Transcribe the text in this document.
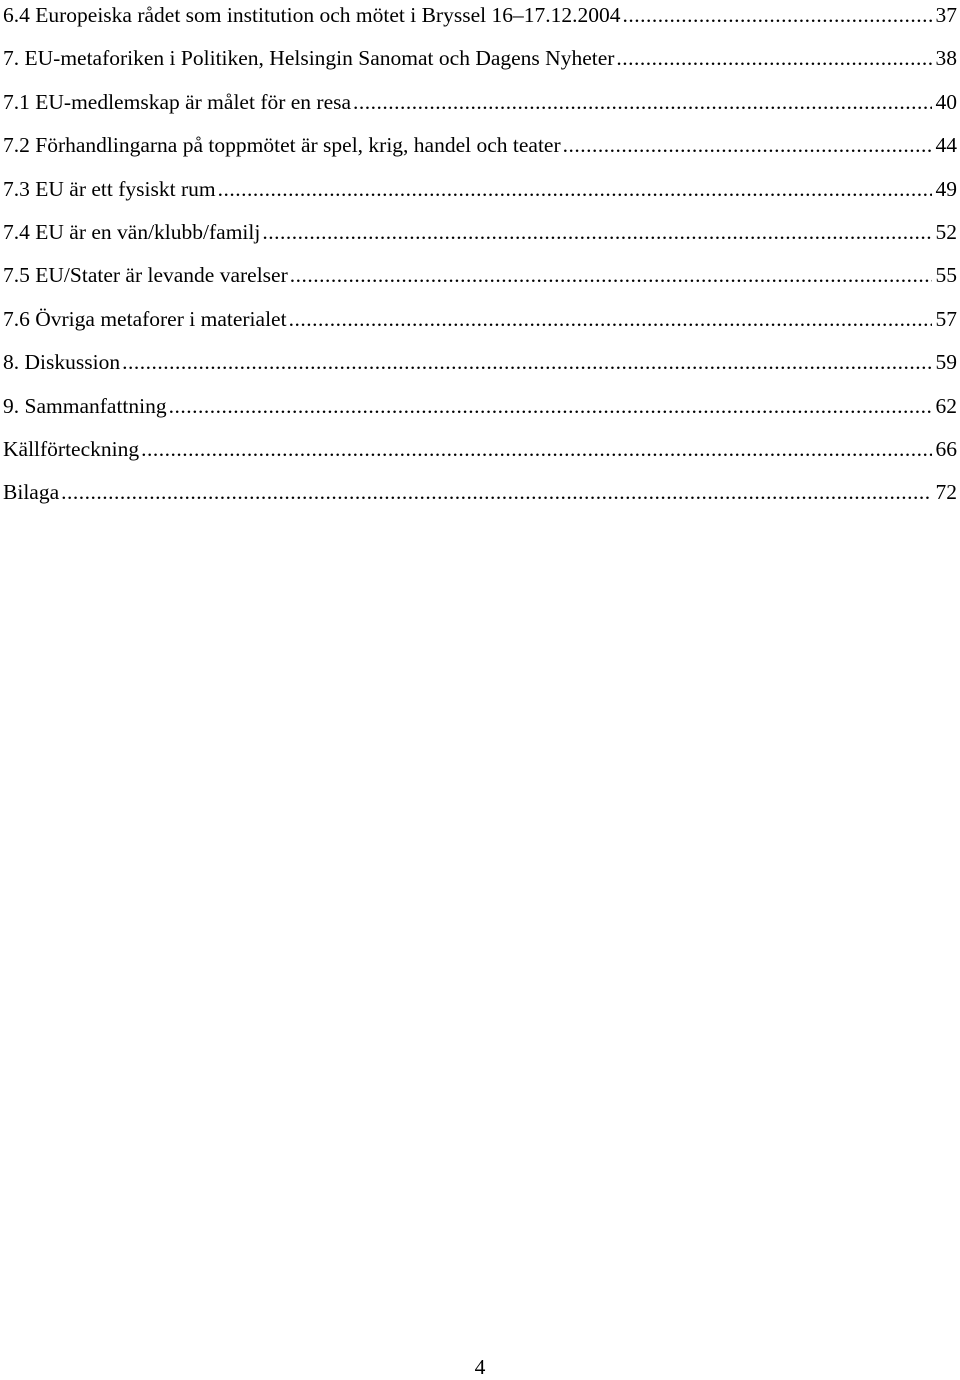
6.4 Europeiska rådet som institution och mötet i Bryssel 16–17.12.2004 .....	37
7. EU-metaforiken i Politiken, Helsingin Sanomat och Dagens Nyheter .....	38
7.1 EU-medlemskap är målet för en resa .....	40
7.2 Förhandlingarna på toppmötet är spel, krig, handel och teater .....	44
7.3 EU är ett fysiskt rum .....	49
7.4 EU är en vän/klubb/familj .....	52
7.5 EU/Stater är levande varelser .....	55
7.6 Övriga metaforer i materialet .....	57
8. Diskussion .....	59
9. Sammanfattning .....	62
Källförteckning .....	66
Bilaga .....	72
4
